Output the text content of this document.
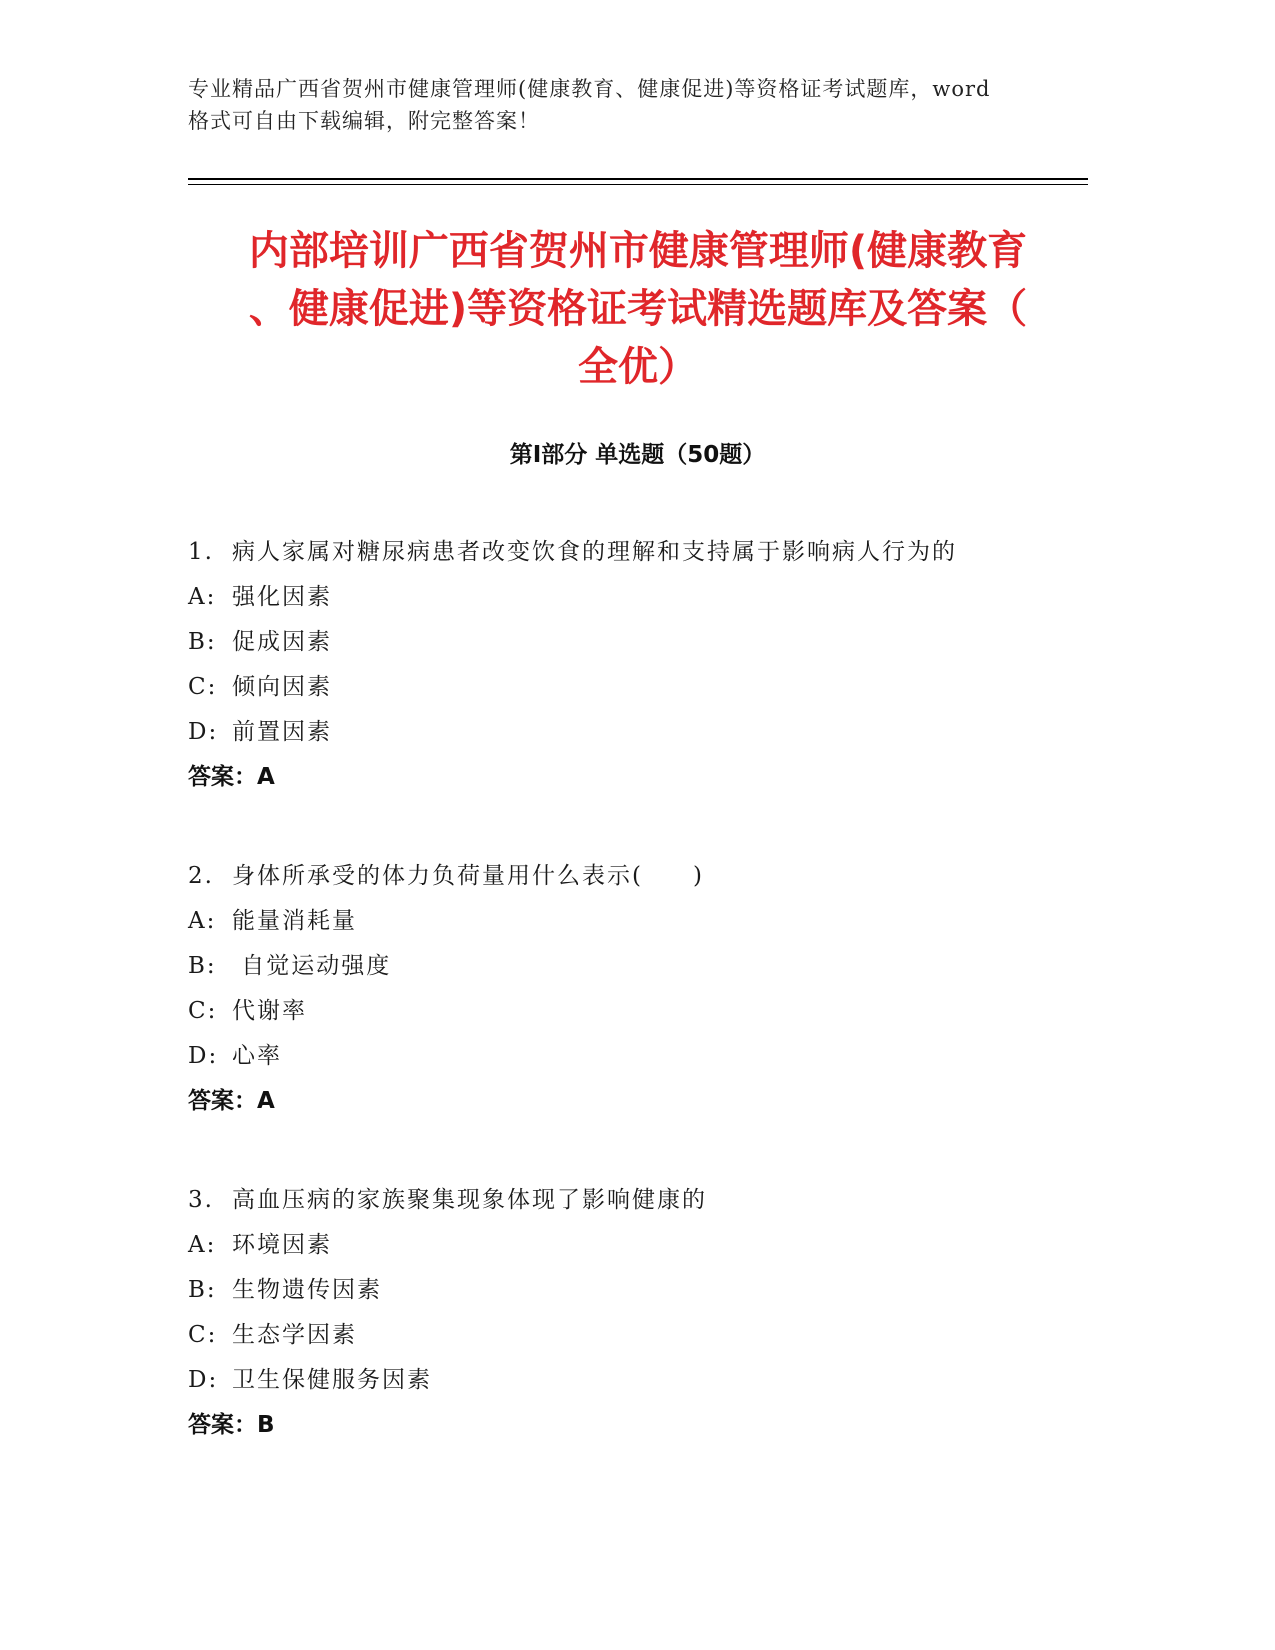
专业精品广西省贺州市健康管理师(健康教育、健康促进)等资格证考试题库，word
格式可自由下载编辑，附完整答案！
内部培训广西省贺州市健康管理师(健康教育
、健康促进)等资格证考试精选题库及答案（
全优）
第Ⅰ部分 单选题（50题）
1. 病人家属对糖尿病患者改变饮食的理解和支持属于影响病人行为的
A: 强化因素
B: 促成因素
C: 倾向因素
D: 前置因素
答案：A
2. 身体所承受的体力负荷量用什么表示(　　)
A: 能量消耗量
B: 自觉运动强度
C: 代谢率
D: 心率
答案：A
3. 高血压病的家族聚集现象体现了影响健康的
A: 环境因素
B: 生物遗传因素
C: 生态学因素
D: 卫生保健服务因素
答案：B
